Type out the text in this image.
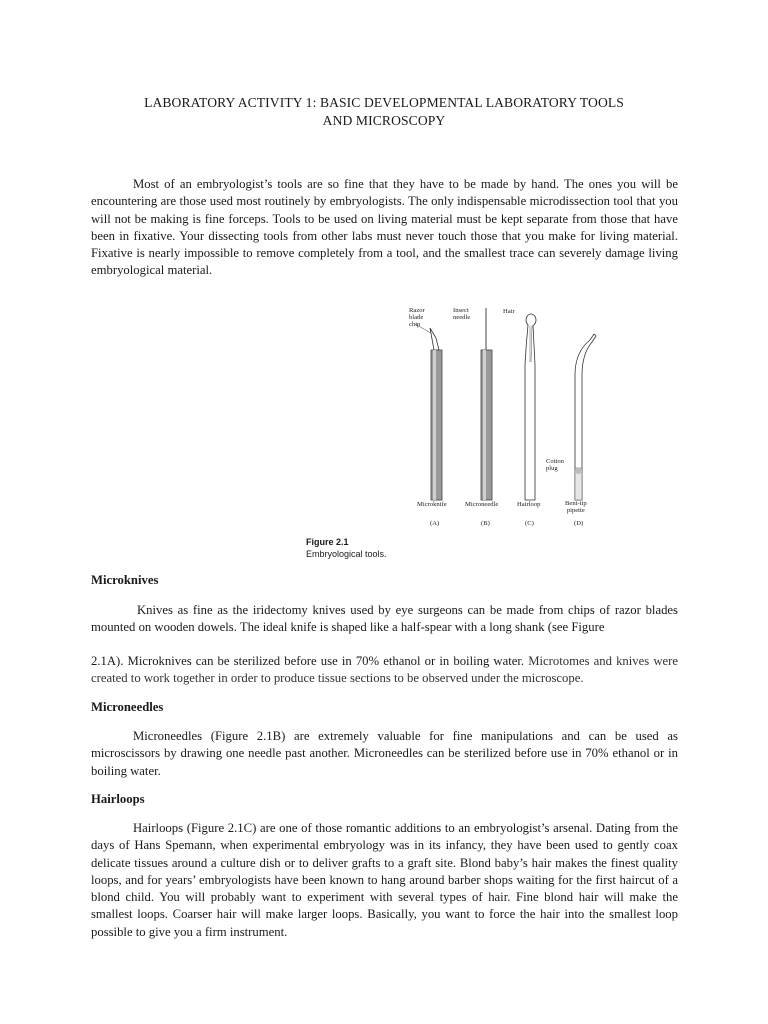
LABORATORY ACTIVITY 1: BASIC DEVELOPMENTAL LABORATORY TOOLS
AND MICROSCOPY

Most of an embryologist’s tools are so fine that they have to be made by hand. The ones you will be encountering are those used most routinely by embryologists. The only indispensable microdissection tool that you will not be making is fine forceps. Tools to be used on living material must be kept separate from those that have been in fixative. Your dissecting tools from other labs must never touch those that you make for living material. Fixative is nearly impossible to remove completely from a tool, and the smallest trace can severely damage living embryological material.

Razor
blade
chip
Insect
needle
Hair
Cotton
plug
Microknife	Microneedle	Hairloop	Bent-tip
pipette
(A)	(B)	(C)	(D)
Figure 2.1
Embryological tools.
Microknives

Knives as fine as the iridectomy knives used by eye surgeons can be made from chips of razor blades mounted on wooden dowels. The ideal knife is shaped like a half-spear with a long shank (see Figure

2.1A). Microknives can be sterilized before use in 70% ethanol or in boiling water. Microtomes and knives were created to work together in order to produce tissue sections to be observed under the microscope.

Microneedles

Microneedles (Figure 2.1B) are extremely valuable for fine manipulations and can be used as microscissors by drawing one needle past another. Microneedles can be sterilized before use in 70% ethanol or in boiling water.

Hairloops

Hairloops (Figure 2.1C) are one of those romantic additions to an embryologist’s arsenal. Dating from the days of Hans Spemann, when experimental embryology was in its infancy, they have been used to gently coax delicate tissues around a culture dish or to deliver grafts to a graft site. Blond baby’s hair makes the finest quality loops, and for years’ embryologists have been known to hang around barber shops waiting for the first haircut of a blond child. You will probably want to experiment with several types of hair. Fine blond hair will make the smallest loops. Coarser hair will make larger loops. Basically, you want to force the hair into the smallest loop possible to give you a firm instrument.
